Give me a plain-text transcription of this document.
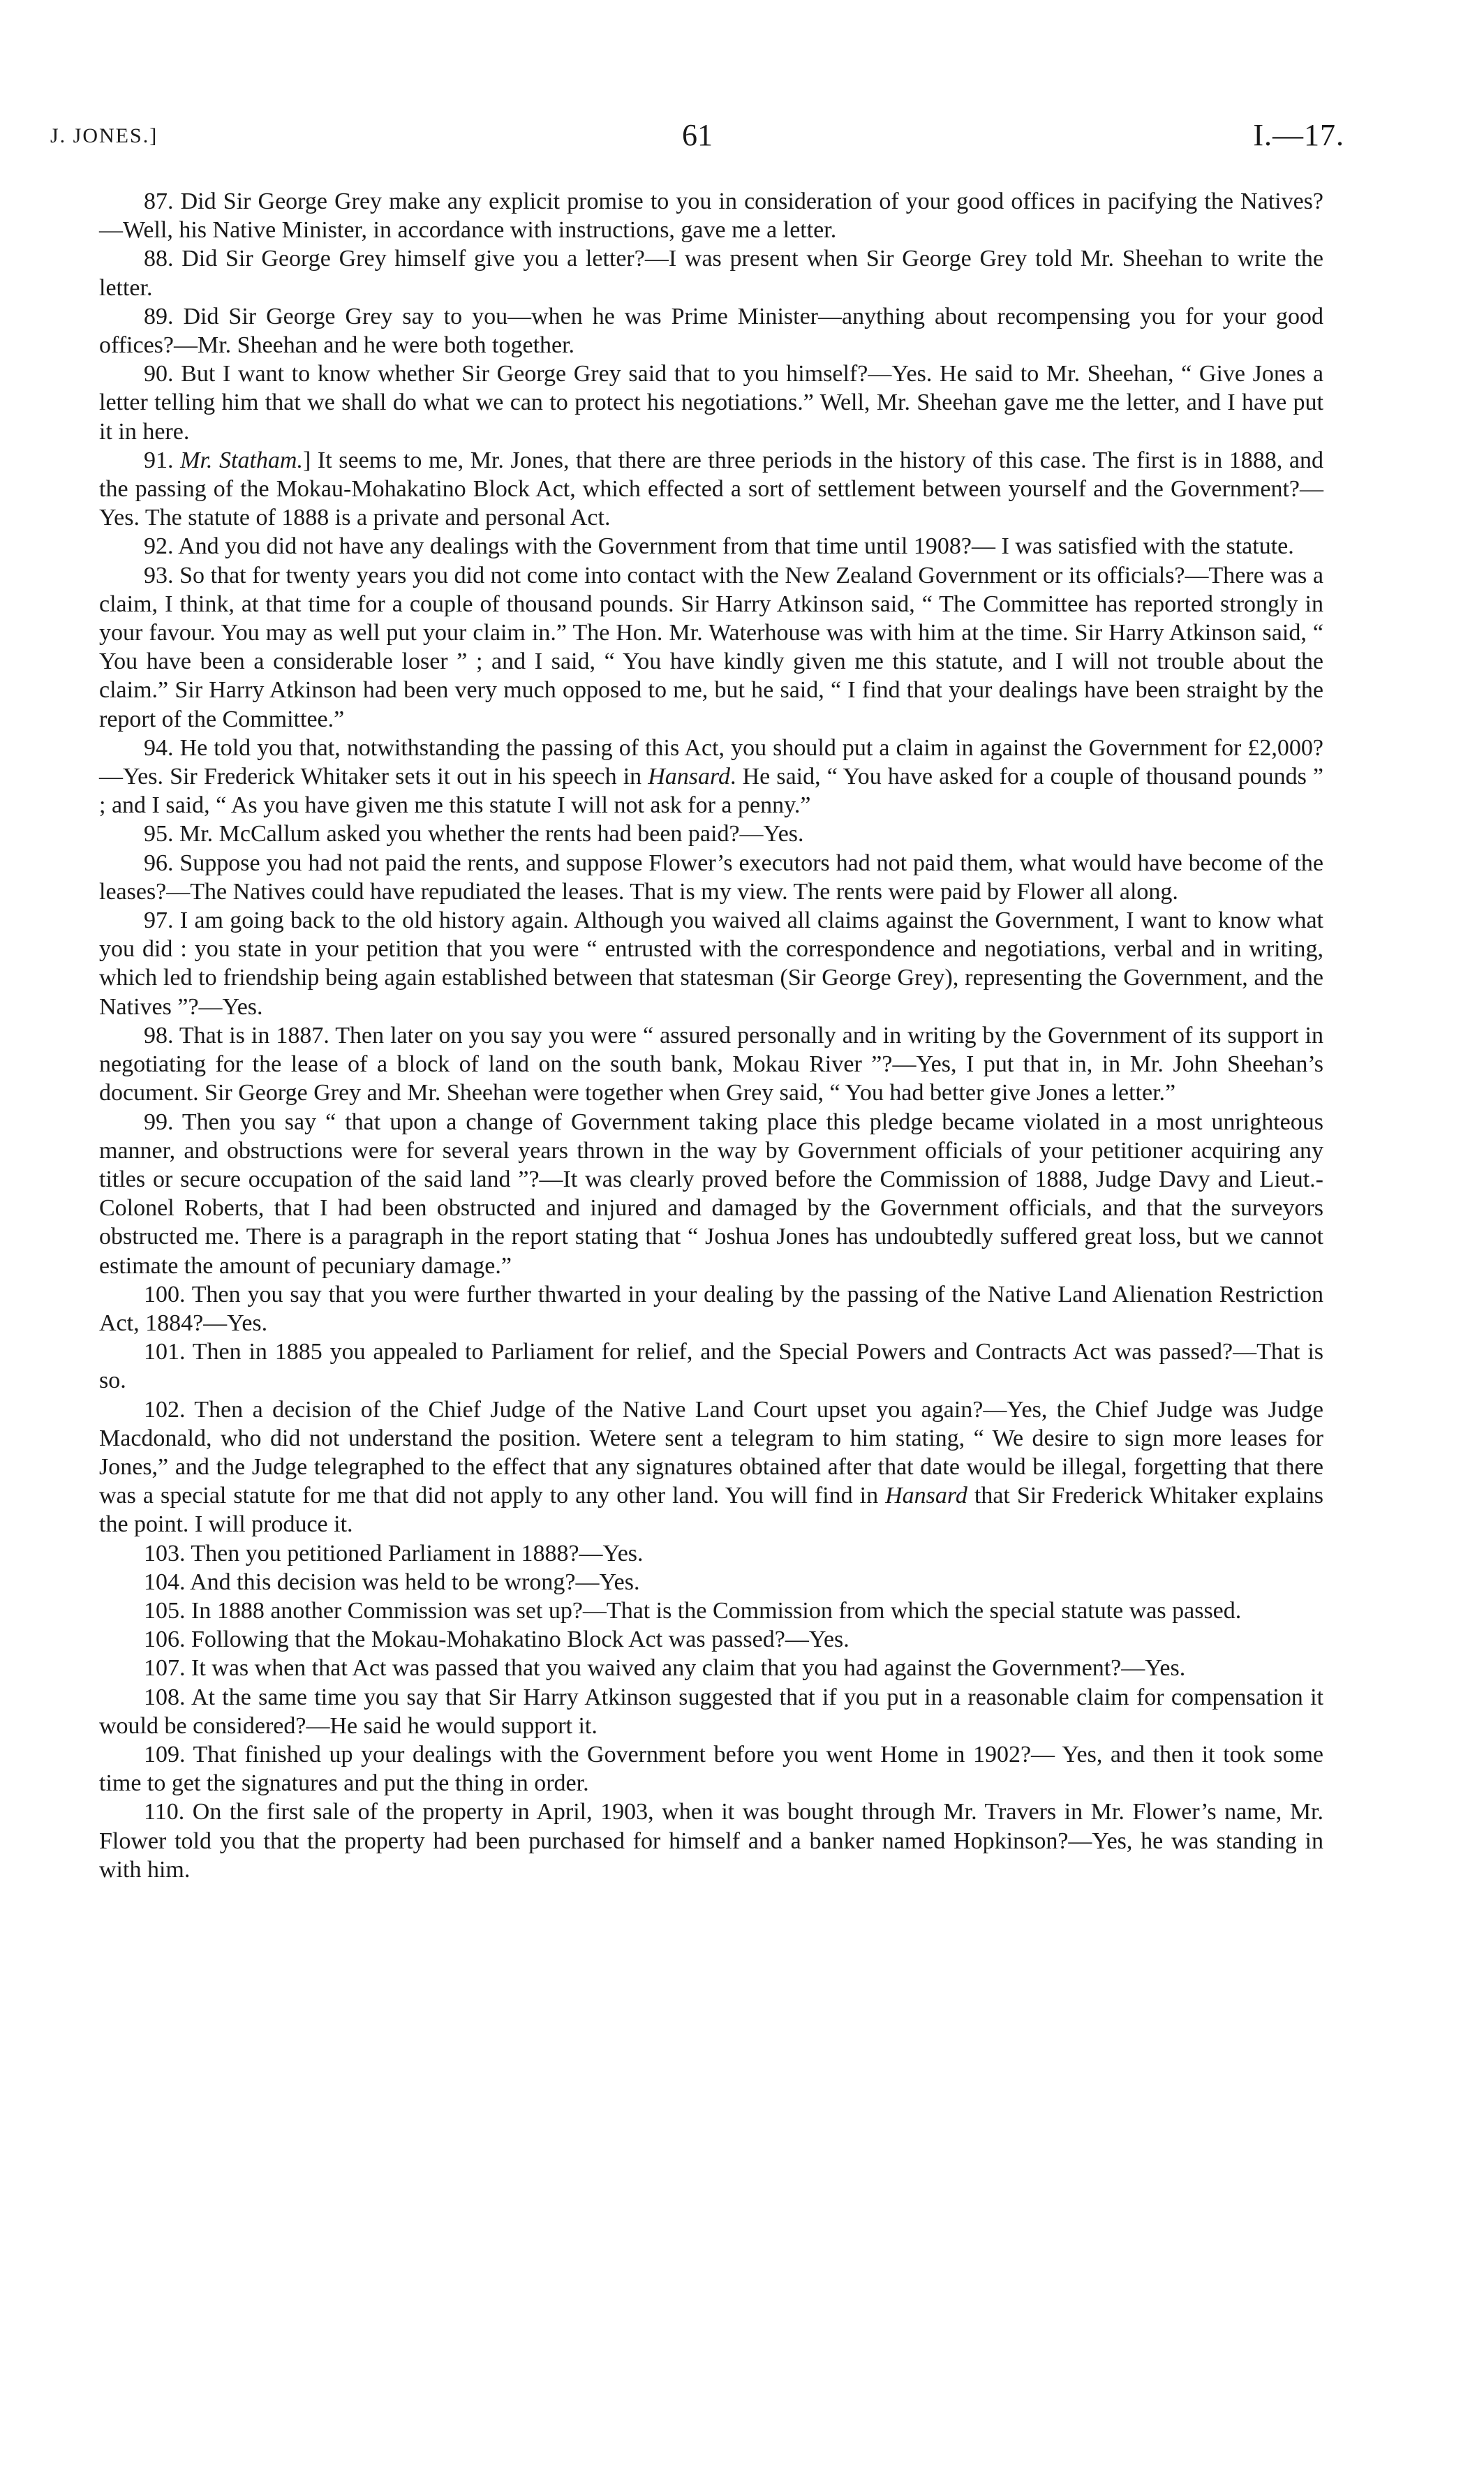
J. JONES.]	61	I.—17.

87. Did Sir George Grey make any explicit promise to you in consideration of your good offices in pacifying the Natives?—Well, his Native Minister, in accordance with instructions, gave me a letter.

88. Did Sir George Grey himself give you a letter?—I was present when Sir George Grey told Mr. Sheehan to write the letter.

89. Did Sir George Grey say to you—when he was Prime Minister—anything about recompensing you for your good offices?—Mr. Sheehan and he were both together.

90. But I want to know whether Sir George Grey said that to you himself?—Yes. He said to Mr. Sheehan, “ Give Jones a letter telling him that we shall do what we can to protect his negotiations.” Well, Mr. Sheehan gave me the letter, and I have put it in here.

91. Mr. Statham.] It seems to me, Mr. Jones, that there are three periods in the history of this case. The first is in 1888, and the passing of the Mokau-Mohakatino Block Act, which effected a sort of settlement between yourself and the Government?—Yes. The statute of 1888 is a private and personal Act.

92. And you did not have any dealings with the Government from that time until 1908?— I was satisfied with the statute.

93. So that for twenty years you did not come into contact with the New Zealand Government or its officials?—There was a claim, I think, at that time for a couple of thousand pounds. Sir Harry Atkinson said, “ The Committee has reported strongly in your favour. You may as well put your claim in.” The Hon. Mr. Waterhouse was with him at the time. Sir Harry Atkinson said, “ You have been a considerable loser ” ; and I said, “ You have kindly given me this statute, and I will not trouble about the claim.” Sir Harry Atkinson had been very much opposed to me, but he said, “ I find that your dealings have been straight by the report of the Committee.”

94. He told you that, notwithstanding the passing of this Act, you should put a claim in against the Government for £2,000?—Yes. Sir Frederick Whitaker sets it out in his speech in Hansard. He said, “ You have asked for a couple of thousand pounds ” ; and I said, “ As you have given me this statute I will not ask for a penny.”

95. Mr. McCallum asked you whether the rents had been paid?—Yes.

96. Suppose you had not paid the rents, and suppose Flower’s executors had not paid them, what would have become of the leases?—The Natives could have repudiated the leases. That is my view. The rents were paid by Flower all along.

97. I am going back to the old history again. Although you waived all claims against the Government, I want to know what you did : you state in your petition that you were “ entrusted with the correspondence and negotiations, verbal and in writing, which led to friendship being again established between that statesman (Sir George Grey), representing the Government, and the Natives ”?—Yes.

98. That is in 1887. Then later on you say you were “ assured personally and in writing by the Government of its support in negotiating for the lease of a block of land on the south bank, Mokau River ”?—Yes, I put that in, in Mr. John Sheehan’s document. Sir George Grey and Mr. Sheehan were together when Grey said, “ You had better give Jones a letter.”

99. Then you say “ that upon a change of Government taking place this pledge became violated in a most unrighteous manner, and obstructions were for several years thrown in the way by Government officials of your petitioner acquiring any titles or secure occupation of the said land ”?—It was clearly proved before the Commission of 1888, Judge Davy and Lieut.-Colonel Roberts, that I had been obstructed and injured and damaged by the Government officials, and that the surveyors obstructed me. There is a paragraph in the report stating that “ Joshua Jones has undoubtedly suffered great loss, but we cannot estimate the amount of pecuniary damage.”

100. Then you say that you were further thwarted in your dealing by the passing of the Native Land Alienation Restriction Act, 1884?—Yes.

101. Then in 1885 you appealed to Parliament for relief, and the Special Powers and Contracts Act was passed?—That is so.

102. Then a decision of the Chief Judge of the Native Land Court upset you again?—Yes, the Chief Judge was Judge Macdonald, who did not understand the position. Wetere sent a telegram to him stating, “ We desire to sign more leases for Jones,” and the Judge telegraphed to the effect that any signatures obtained after that date would be illegal, forgetting that there was a special statute for me that did not apply to any other land. You will find in Hansard that Sir Frederick Whitaker explains the point. I will produce it.

103. Then you petitioned Parliament in 1888?—Yes.

104. And this decision was held to be wrong?—Yes.

105. In 1888 another Commission was set up?—That is the Commission from which the special statute was passed.

106. Following that the Mokau-Mohakatino Block Act was passed?—Yes.

107. It was when that Act was passed that you waived any claim that you had against the Government?—Yes.

108. At the same time you say that Sir Harry Atkinson suggested that if you put in a reasonable claim for compensation it would be considered?—He said he would support it.

109. That finished up your dealings with the Government before you went Home in 1902?— Yes, and then it took some time to get the signatures and put the thing in order.

110. On the first sale of the property in April, 1903, when it was bought through Mr. Travers in Mr. Flower’s name, Mr. Flower told you that the property had been purchased for himself and a banker named Hopkinson?—Yes, he was standing in with him.
